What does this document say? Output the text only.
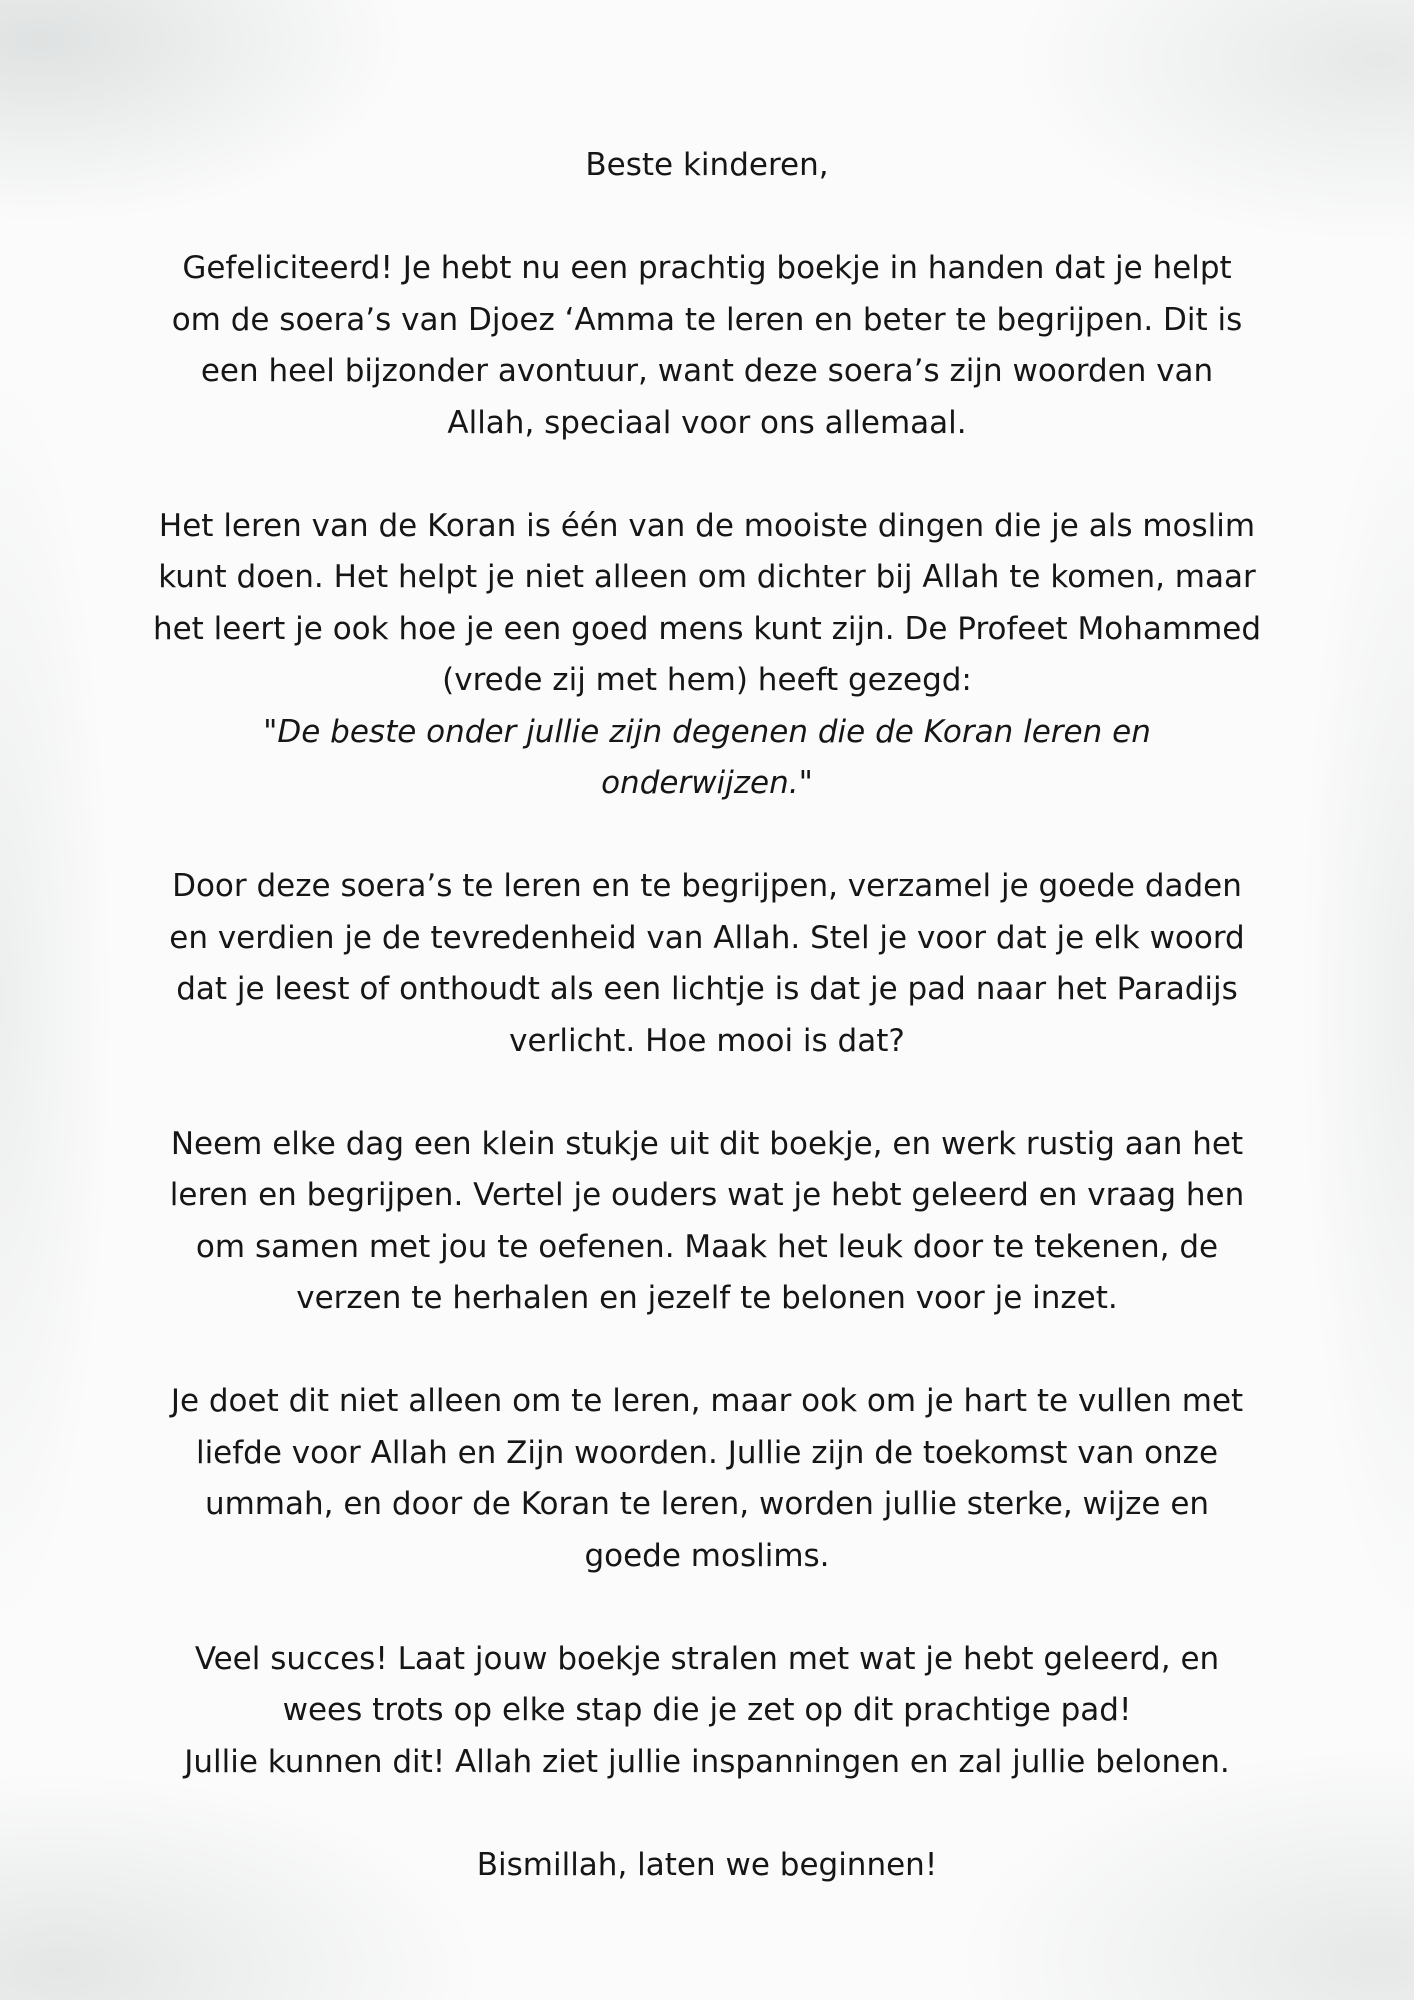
Beste kinderen,

Gefeliciteerd! Je hebt nu een prachtig boekje in handen dat je helpt
om de soera’s van Djoez ‘Amma te leren en beter te begrijpen. Dit is
een heel bijzonder avontuur, want deze soera’s zijn woorden van
Allah, speciaal voor ons allemaal.

Het leren van de Koran is één van de mooiste dingen die je als moslim
kunt doen. Het helpt je niet alleen om dichter bij Allah te komen, maar
het leert je ook hoe je een goed mens kunt zijn. De Profeet Mohammed
(vrede zij met hem) heeft gezegd:
"De beste onder jullie zijn degenen die de Koran leren en
onderwijzen."

Door deze soera’s te leren en te begrijpen, verzamel je goede daden
en verdien je de tevredenheid van Allah. Stel je voor dat je elk woord
dat je leest of onthoudt als een lichtje is dat je pad naar het Paradijs
verlicht. Hoe mooi is dat?

Neem elke dag een klein stukje uit dit boekje, en werk rustig aan het
leren en begrijpen. Vertel je ouders wat je hebt geleerd en vraag hen
om samen met jou te oefenen. Maak het leuk door te tekenen, de
verzen te herhalen en jezelf te belonen voor je inzet.

Je doet dit niet alleen om te leren, maar ook om je hart te vullen met
liefde voor Allah en Zijn woorden. Jullie zijn de toekomst van onze
ummah, en door de Koran te leren, worden jullie sterke, wijze en
goede moslims.

Veel succes! Laat jouw boekje stralen met wat je hebt geleerd, en
wees trots op elke stap die je zet op dit prachtige pad!
Jullie kunnen dit! Allah ziet jullie inspanningen en zal jullie belonen.

Bismillah, laten we beginnen!
